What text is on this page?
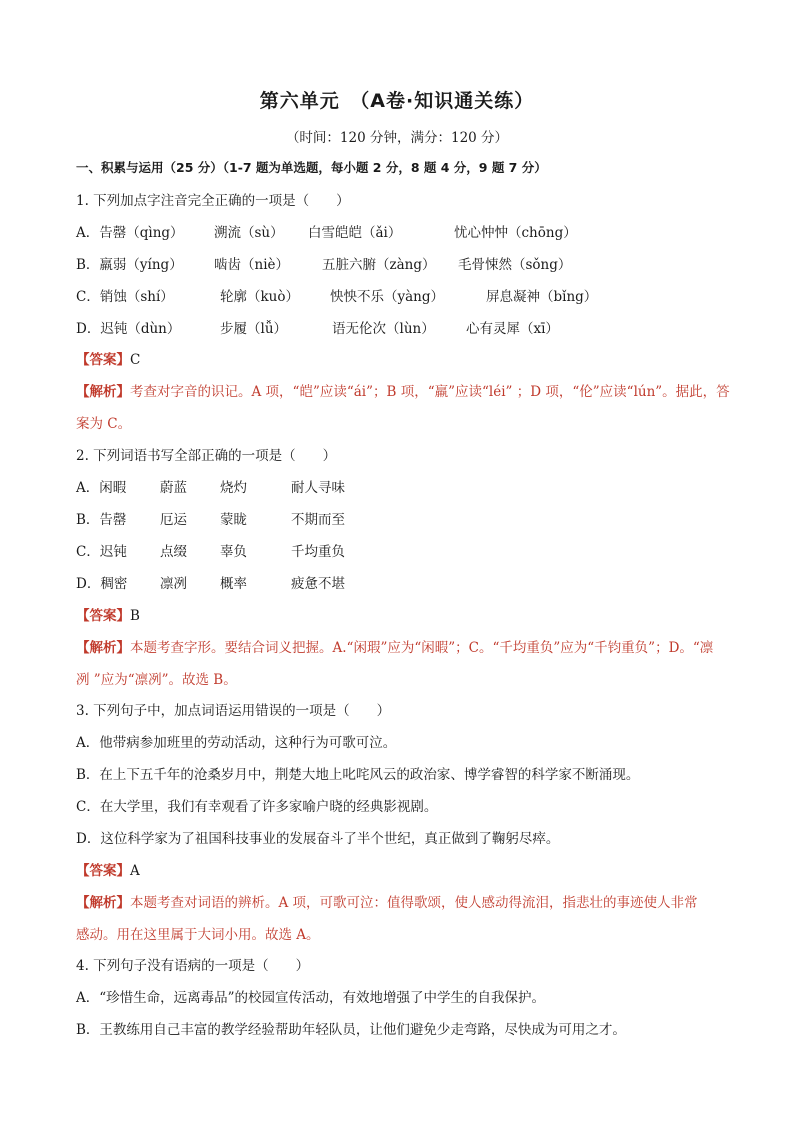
第六单元　（A卷·知识通关练）
（时间：120 分钟，满分：120 分）
一、积累与运用（25 分）（1-7 题为单选题，每小题 2 分，8 题 4 分，9 题 7 分）
1. 下列加点字注音完全正确的一项是（　　）
A．告罄（qìng） 溯流（sù） 白雪皑皑（ǎi）	忧心忡忡（chōng）
B．羸弱（yíng） 啮齿（niè） 五脏六腑（zàng） 毛骨悚然（sǒng）
C．销蚀（shí）	轮廓（kuò） 怏怏不乐（yàng）	屏息凝神（bǐng）
D．迟钝（dùn）	步履（lǚ）	语无伦次（lùn） 心有灵犀（xī）
【答案】C
【解析】考查对字音的识记。A 项，“皑”应读“ái”；B 项，“羸”应读“léi” ；D 项，“伦”应读“lún”。据此，答
案为 C。
2. 下列词语书写全部正确的一项是（　　）
A．闲暇	蔚蓝 烧灼	耐人寻味
B．告罄 厄运 蒙眬	不期而至
C．迟钝 点缀 辜负	千均重负
D．稠密 凛冽 概率	疲惫不堪
【答案】B
【解析】本题考查字形。要结合词义把握。A.“闲瑕”应为“闲暇”；C。“千均重负”应为“千钧重负”；D。“凛
冽 ”应为“凛冽”。故选 B。
3. 下列句子中，加点词语运用错误的一项是（　　）
A．他带病参加班里的劳动活动，这种行为可歌可泣。
B．在上下五千年的沧桑岁月中，荆楚大地上叱咤风云的政治家、博学睿智的科学家不断涌现。
C．在大学里，我们有幸观看了许多家喻户晓的经典影视剧。
D．这位科学家为了祖国科技事业的发展奋斗了半个世纪，真正做到了鞠躬尽瘁。
【答案】A
【解析】本题考查对词语的辨析。A 项，可歌可泣：值得歌颂，使人感动得流泪，指悲壮的事迹使人非常
感动。用在这里属于大词小用。故选 A。
4. 下列句子没有语病的一项是（　　）
A．“珍惜生命，远离毒品”的校园宣传活动，有效地增强了中学生的自我保护。
B．王教练用自己丰富的教学经验帮助年轻队员，让他们避免少走弯路，尽快成为可用之才。
